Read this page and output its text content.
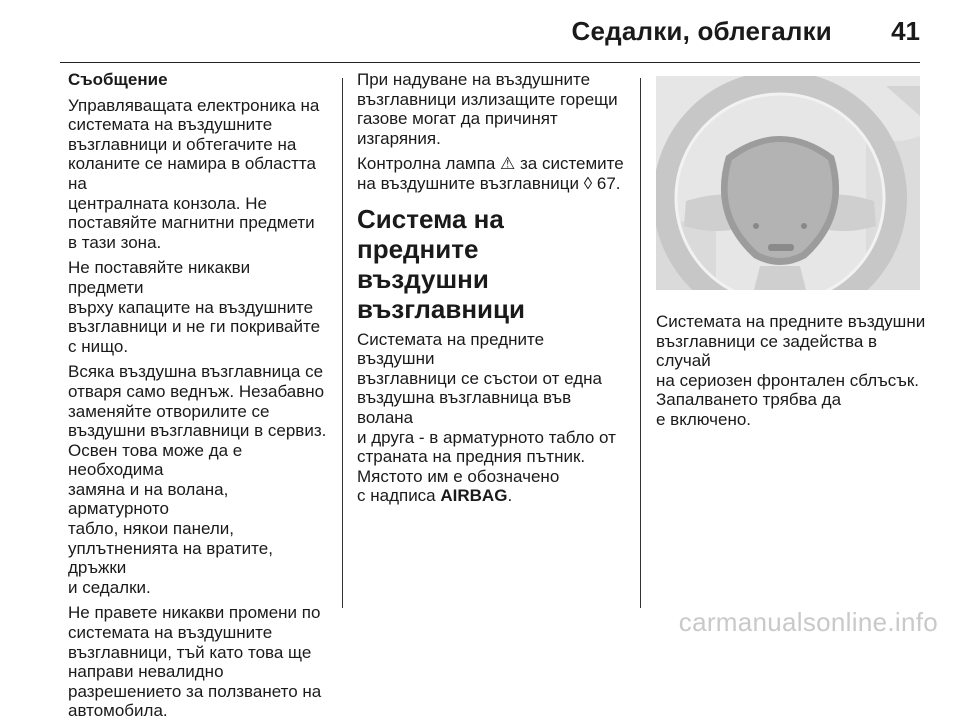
Седалки, облегалки 41

Съобщение

Управляващата електроника на
системата на въздушните
възглавници и обтегачите на
коланите се намира в областта на
централната конзола. Не
поставяйте магнитни предмети
в тази зона.

Не поставяйте никакви предмети
върху капаците на въздушните
възглавници и не ги покривайте
с нищо.

Всяка въздушна възглавница се
отваря само веднъж. Незабавно
заменяйте отворилите се
въздушни възглавници в сервиз.
Освен това може да е необходима
замяна и на волана, арматурното
табло, някои панели,
уплътненията на вратите, дръжки
и седалки.

Не правете никакви промени по
системата на въздушните
възглавници, тъй като това ще
направи невалидно
разрешението за ползването на
автомобила.

При надуване на въздушните
възглавници излизащите горещи
газове могат да причинят
изгаряния.

Контролна лампа ⚠ за системите
на въздушните възглавници ◊ 67.

Система на предните
въздушни възглавници

Системата на предните въздушни
възглавници се състои от една
въздушна възглавница във волана
и друга - в арматурното табло от
страната на предния пътник.
Мястото им е обозначено
с надписа AIRBAG.

Системата на предните въздушни
възглавници се задейства в случай
на сериозен фронтален сблъсък.
Запалването трябва да
е включено.

carmanualsonline.info
